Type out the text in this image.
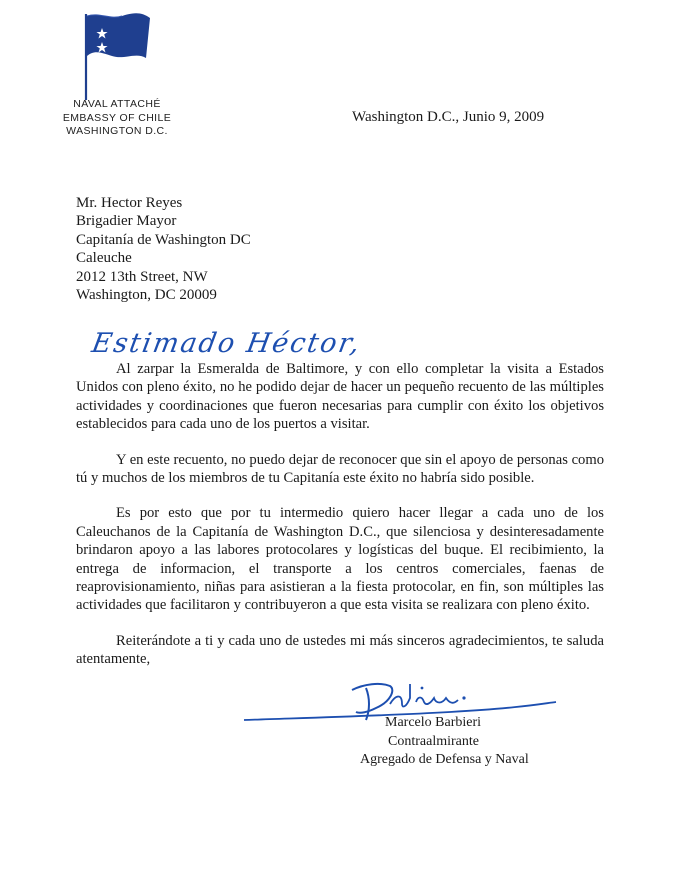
NAVAL ATTACHÉ
EMBASSY OF CHILE
WASHINGTON D.C.
Washington D.C., Junio 9, 2009
Mr. Hector Reyes
Brigadier Mayor
Capitanía de Washington DC
Caleuche
2012 13th Street, NW
Washington, DC 20009
Estimado Héctor,

Al zarpar la Esmeralda de Baltimore, y con ello completar la visita a Estados Unidos con pleno éxito, no he podido dejar de hacer un pequeño recuento de las múltiples actividades y coordinaciones que fueron necesarias para cumplir con éxito los objetivos establecidos para cada uno de los puertos a visitar.

Y en este recuento, no puedo dejar de reconocer que sin el apoyo de personas como tú y muchos de los miembros de tu Capitanía este éxito no habría sido posible.

Es por esto que por tu intermedio quiero hacer llegar a cada uno de los Caleuchanos de la Capitanía de Washington D.C., que silenciosa y desinteresadamente brindaron apoyo a las labores protocolares y logísticas del buque. El recibimiento, la entrega de informacion, el transporte a los centros comerciales, faenas de reaprovisionamiento, niñas para asistieran a la fiesta protocolar, en fin, son múltiples las actividades que facilitaron y contribuyeron a que esta visita se realizara con pleno éxito.

Reiterándote a ti y cada uno de ustedes mi más sinceros agradecimientos, te saluda atentamente,

Marcelo Barbieri
Contraalmirante
Agregado de Defensa y Naval
